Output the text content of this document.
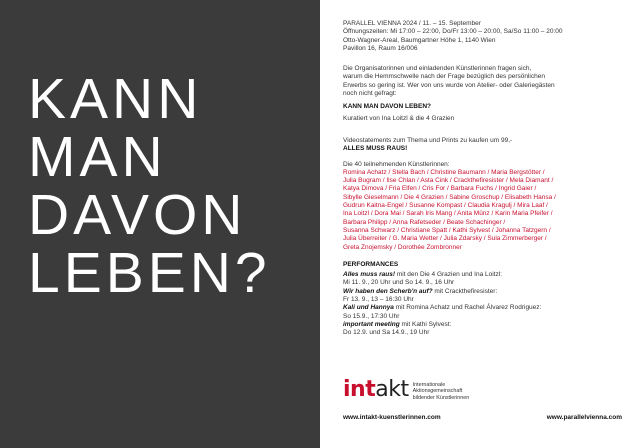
KANN
MAN
DAVON
LEBEN?

PARALLEL VIENNA 2024 / 11. – 15. September

Öffnungszeiten: Mi 17:00 – 22:00, Do/Fr 13:00 – 20:00, Sa/So 11:00 – 20:00

Otto-Wagner-Areal, Baumgartner Höhe 1, 1140 Wien

Pavillon 16, Raum 16/006

Die Organisatorinnen und einladenden Künstlerinnen fragen sich,

warum die Hemmschwelle nach der Frage bezüglich des persönlichen

Erwerbs so gering ist. Wer von uns wurde von Atelier- oder Galeriegästen

noch nicht gefragt:

KANN MAN DAVON LEBEN?

Kuratiert von Ina Loitzl & die 4 Grazien

Videostatements zum Thema und Prints zu kaufen um 99,-

ALLES MUSS RAUS!

Die 40 teilnehmenden Künstlerinnen:

Romina Achatz / Stella Bach / Christine Baumann / Maria Bergstötter /

Julia Bugram / Ilse Chlan / Asta Cink / Crackthefiresister / Mela Diamant /

Katya Dimova / Fria Elfen / Cris For / Barbara Fuchs / Ingrid Gaier /

Sibylle Gieselmann / Die 4 Grazien / Sabine Groschup / Elisabeth Hansa /

Gudrun Kaitna-Engel / Susanne Kompast / Claudia Kragulj / Mira Laaf /

Ina Loitzl / Dora Mai / Sarah Iris Mang / Anita Münz / Karin Maria Pfeifer /

Barbara Philipp / Anna Rafetseder / Beate Schachinger /

Susanna Schwarz / Christiane Spatt / Kathi Sylvest / Johanna Tatzgern /

Julia Überreiter / G. Maria Wetter / Julia Zdarsky / Sula Zimmerberger /

Greta Znojemsky / Dorothée Zombronner

PERFORMANCES

Alles muss raus! mit den Die 4 Grazien und Ina Loitzl:

Mi 11. 9., 20 Uhr und So 14. 9., 16 Uhr

Wir haben den Scherb'n auf? mit Crackthefiresister:

Fr 13. 9., 13 – 16:30 Uhr

Kali und Hannya mit Romina Achatz und Rachel Álvarez Rodriguez:

So 15.9., 17:30 Uhr

important meeting mit Kathi Sylvest:

Do 12.9. und Sa 14.9., 19 Uhr

intakt Internationale
Aktionsgemeinschaft
bildender Künstlerinnen
www.intakt-kuenstlerinnen.com	www.parallelvienna.com
